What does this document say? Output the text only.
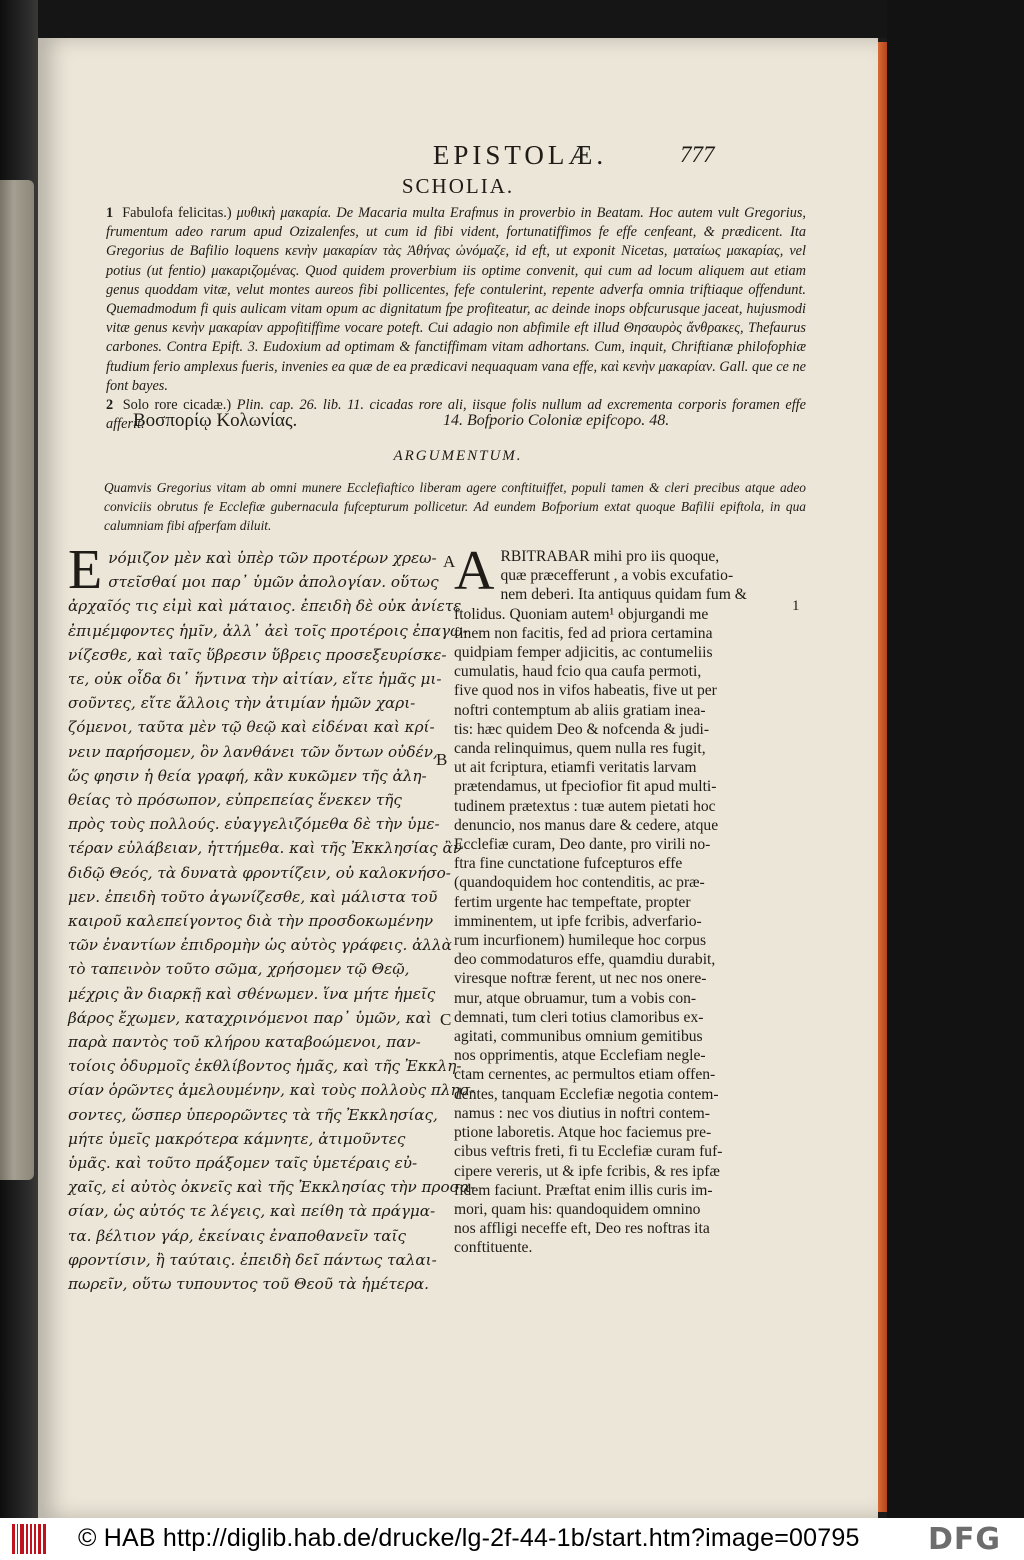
EPISTOLÆ.	777
SCHOLIA.
1 Fabulofa felicitas.) μυθικὴ μακαρία. De Macaria multa Erafmus in proverbio in Beatam. Hoc autem vult Gregorius, frumentum adeo rarum apud Ozizalenfes, ut cum id fibi vident, fortunatiffimos fe effe cenfeant, & prædicent. Ita Gregorius de Bafilio loquens κενὴν μακαρίαν τὰς Ἀθήνας ὠνόμαζε, id eft, ut exponit Nicetas, ματαίως μακαρίας, vel potius (ut fentio) μακαριζομένας. Quod quidem proverbium iis optime convenit, qui cum ad locum aliquem aut etiam genus quoddam vitæ, velut montes aureos fibi pollicentes, fefe contulerint, repente adverfa omnia triftiaque offendunt. Quemadmodum fi quis aulicam vitam opum ac dignitatum fpe profiteatur, ac deinde inops obfcurusque jaceat, hujusmodi vitæ genus κενὴν μακαρίαν appofitiffime vocare poteft. Cui adagio non abfimile eft illud Θησαυρὸς ἄνθρακες, Thefaurus carbones. Contra Epift. 3. Eudoxium ad optimam & fanctiffimam vitam adhortans. Cum, inquit, Chriftianæ philofophiæ ftudium ferio amplexus fueris, invenies ea quæ de ea prædicavi nequaquam vana effe, καὶ κενὴν μακαρίαν. Gall. que ce ne font bayes.
2 Solo rore cicadæ.) Plin. cap. 26. lib. 11. cicadas rore ali, iisque folis nullum ad excrementa corporis foramen effe afferit.
Βοσπορίῳ Κολωνίας.	14. Bofporio Coloniæ epifcopo. 48.
ARGUMENTUM.
Quamvis Gregorius vitam ab omni munere Ecclefiaftico liberam agere conftituiffet, populi tamen & cleri precibus atque adeo conviciis obrutus fe Ecclefiæ gubernacula fufcepturum pollicetur. Ad eundem Bofporium extat quoque Bafilii epiftola, in qua calumniam fibi afperfam diluit.
E νόμιζον μὲν καὶ ὑπὲρ τῶν προτέρων χρεω-
στεῖσθαί μοι παρ᾽ ὑμῶν ἀπολογίαν. οὕτως
ἀρχαῖός τις εἰμὶ καὶ μάταιος. ἐπειδὴ δὲ οὐκ ἀνίετε
ἐπιμέμφοντες ἡμῖν, ἀλλ᾽ ἀεὶ τοῖς προτέροις ἐπαγω-
νίζεσθε, καὶ ταῖς ὕβρεσιν ὕβρεις προσεξευρίσκε-
τε, οὐκ οἶδα δι᾽ ἥντινα τὴν αἰτίαν, εἴτε ἡμᾶς μι-
σοῦντες, εἴτε ἄλλοις τὴν ἀτιμίαν ἡμῶν χαρι-
ζόμενοι, ταῦτα μὲν τῷ θεῷ καὶ εἰδέναι καὶ κρί-
νειν παρήσομεν, ὃν λανθάνει τῶν ὄντων οὐδέν,
ὥς φησιν ἡ θεία γραφή, κἂν κυκῶμεν τῆς ἀλη-
θείας τὸ πρόσωπον, εὐπρεπείας ἕνεκεν τῆς
πρὸς τοὺς πολλούς. εὐαγγελιζόμεθα δὲ τὴν ὑμε-
τέραν εὐλάβειαν, ἡττήμεθα. καὶ τῆς Ἐκκλησίας ἂν
διδῷ Θεός, τὰ δυνατὰ φροντίζειν, οὐ καλοκνήσο-
μεν. ἐπειδὴ τοῦτο ἀγωνίζεσθε, καὶ μάλιστα τοῦ
καιροῦ καλεπείγοντος διὰ τὴν προσδοκωμένην
τῶν ἐναντίων ἐπιδρομὴν ὡς αὐτὸς γράφεις. ἀλλὰ
τὸ ταπεινὸν τοῦτο σῶμα, χρήσομεν τῷ Θεῷ,
μέχρις ἂν διαρκῇ καὶ σθένωμεν. ἵνα μήτε ἡμεῖς
βάρος ἔχωμεν, καταχρινόμενοι παρ᾽ ὑμῶν, καὶ
παρὰ παντὸς τοῦ κλήρου καταβοώμενοι, παν-
τοίοις ὀδυρμοῖς ἐκθλίβοντος ἡμᾶς, καὶ τῆς Ἐκκλη-
σίαν ὁρῶντες ἀμελουμένην, καὶ τοὺς πολλοὺς πλησ-
σοντες, ὥσπερ ὑπερορῶντες τὰ τῆς Ἐκκλησίας,
μήτε ὑμεῖς μακρότερα κάμνητε, ἀτιμοῦντες
ὑμᾶς. καὶ τοῦτο πράξομεν ταῖς ὑμετέραις εὐ-
χαῖς, εἰ αὐτὸς ὀκνεῖς καὶ τῆς Ἐκκλησίας τὴν προσα-
σίαν, ὡς αὐτός τε λέγεις, καὶ πείθη τὰ πράγμα-
τα. βέλτιον γάρ, ἐκείναις ἐναποθανεῖν ταῖς
φροντίσιν, ἢ ταύταις. ἐπειδὴ δεῖ πάντως ταλαι-
πωρεῖν, οὕτω τυπουντος τοῦ Θεοῦ τὰ ἡμέτερα.
A
B
C
A RBITRABAR mihi pro iis quoque,
quæ præcefferunt , a vobis excufatio-
nem deberi. Ita antiquus quidam fum &
ftolidus. Quoniam autem¹ objurgandi me
finem non facitis, fed ad priora certamina
quidpiam femper adjicitis, ac contumeliis
cumulatis, haud fcio qua caufa permoti,
five quod nos in vifos habeatis, five ut per
noftri contemptum ab aliis gratiam inea-
tis: hæc quidem Deo & nofcenda & judi-
canda relinquimus, quem nulla res fugit,
ut ait fcriptura, etiamfi veritatis larvam
prætendamus, ut fpeciofior fit apud multi-
tudinem prætextus : tuæ autem pietati hoc
denuncio, nos manus dare & cedere, atque
Ecclefiæ curam, Deo dante, pro virili no-
ftra fine cunctatione fufcepturos effe
(quandoquidem hoc contenditis, ac præ-
fertim urgente hac tempeftate, propter
imminentem, ut ipfe fcribis, adverfario-
rum incurfionem) humileque hoc corpus
deo commodaturos effe, quamdiu durabit,
viresque noftræ ferent, ut nec nos onere-
mur, atque obruamur, tum a vobis con-
demnati, tum cleri totius clamoribus ex-
agitati, communibus omnium gemitibus
nos opprimentis, atque Ecclefiam negle-
ctam cernentes, ac permultos etiam offen-
dentes, tanquam Ecclefiæ negotia contem-
namus : nec vos diutius in noftri contem-
ptione laboretis. Atque hoc faciemus pre-
cibus veftris freti, fi tu Ecclefiæ curam fuf-
cipere vereris, ut & ipfe fcribis, & res ipfæ
fidem faciunt. Præftat enim illis curis im-
mori, quam his: quandoquidem omnino
nos affligi neceffe eft, Deo res noftras ita
conftituente.
1
© HAB http://diglib.hab.de/drucke/lg-2f-44-1b/start.htm?image=00795 DFG
